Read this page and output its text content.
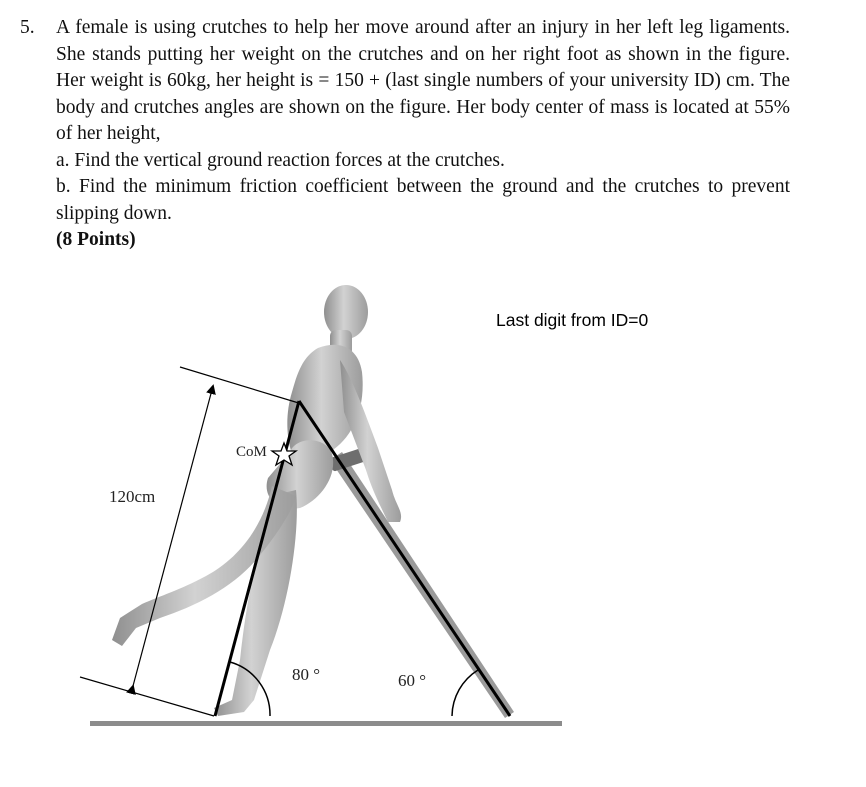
5. A female is using crutches to help her move around after an injury in her left leg ligaments. She stands putting her weight on the crutches and on her right foot as shown in the figure. Her weight is 60kg, her height is = 150 + (last single numbers of your university ID) cm. The body and crutches angles are shown on the figure. Her body center of mass is located at 55% of her height,
a. Find the vertical ground reaction forces at the crutches.
b. Find the minimum friction coefficient between the ground and the crutches to prevent slipping down.
(8 Points)
120cm
CoM
80 °	60 °
Last digit from ID=0
